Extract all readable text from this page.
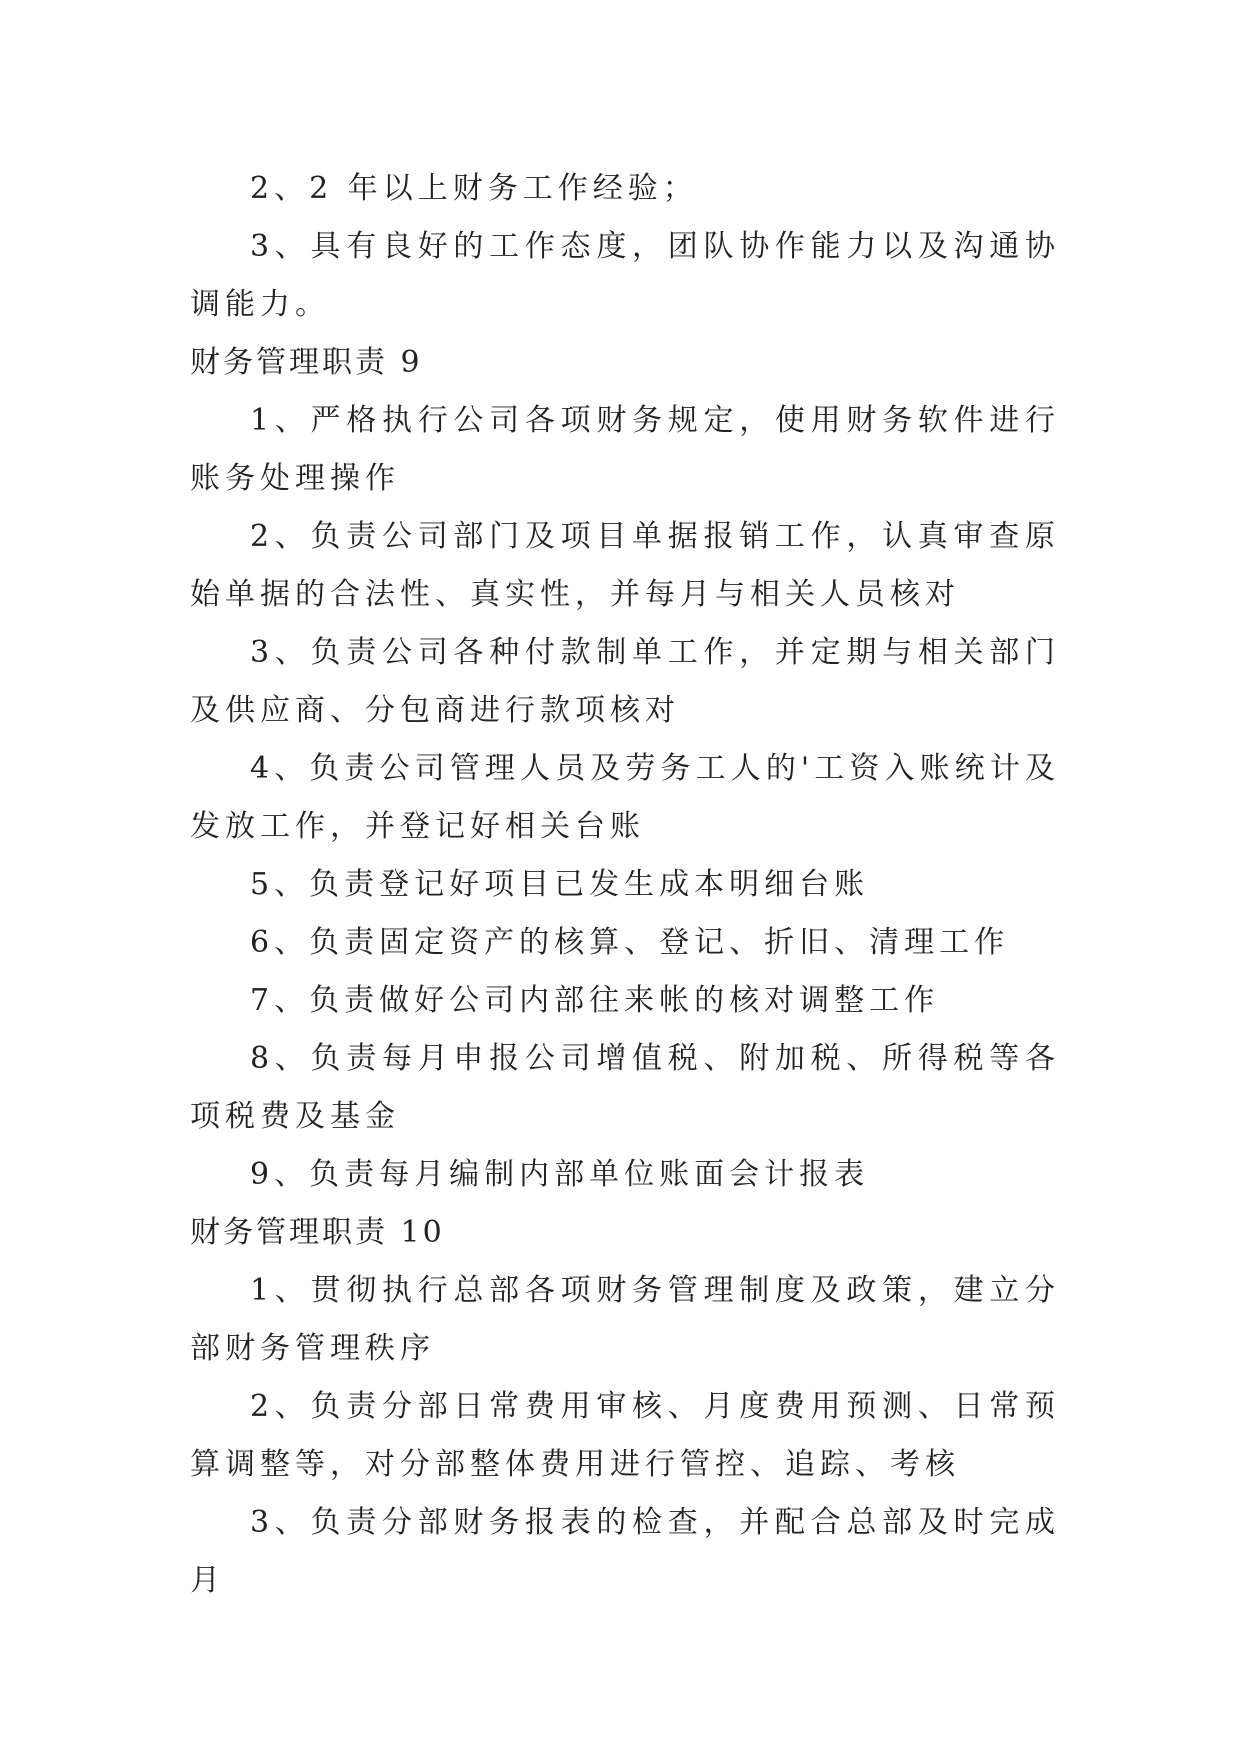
2、2 年以上财务工作经验；

3、具有良好的工作态度，团队协作能力以及沟通协调能力。

财务管理职责 9

1、严格执行公司各项财务规定，使用财务软件进行账务处理操作

2、负责公司部门及项目单据报销工作，认真审查原始单据的合法性、真实性，并每月与相关人员核对

3、负责公司各种付款制单工作，并定期与相关部门及供应商、分包商进行款项核对

4、负责公司管理人员及劳务工人的'工资入账统计及发放工作，并登记好相关台账

5、负责登记好项目已发生成本明细台账

6、负责固定资产的核算、登记、折旧、清理工作

7、负责做好公司内部往来帐的核对调整工作

8、负责每月申报公司增值税、附加税、所得税等各项税费及基金

9、负责每月编制内部单位账面会计报表

财务管理职责 10

1、贯彻执行总部各项财务管理制度及政策，建立分部财务管理秩序

2、负责分部日常费用审核、月度费用预测、日常预算调整等，对分部整体费用进行管控、追踪、考核

3、负责分部财务报表的检查，并配合总部及时完成月
